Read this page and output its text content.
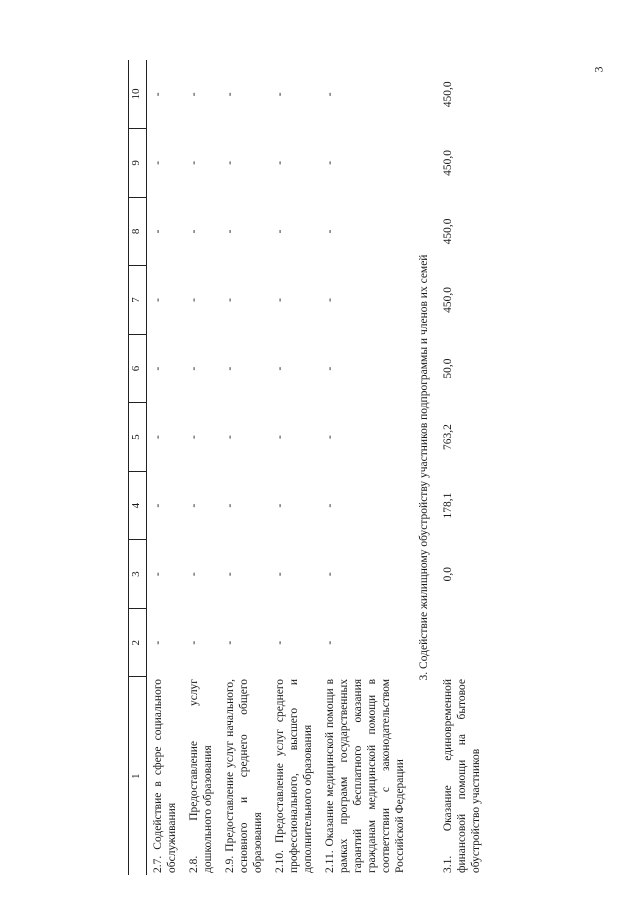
3
1	2	3	4	5	6	7	8	9	10
2.7. Содействие в сфере социального обслуживания	-	-	-	-	-	-	-	-	-
2.8. Предоставление услуг дошкольного образования	-	-	-	-	-	-	-	-	-
2.9. Предоставление услуг начального, основного и среднего общего образования	-	-	-	-	-	-	-	-	-
2.10. Предоставление услуг среднего профессионального, высшего и дополнительного образования	-	-	-	-	-	-	-	-	-
2.11. Оказание медицинской помощи в рамках программ государственных гарантий бесплатного оказания гражданам медицинской помощи в соответствии с законодательством Российской Федерации	-	-	-	-	-	-	-	-	-
3. Содействие жилищному обустройству участников подпрограммы и членов их семей									
3.1. Оказание единовременной финансовой помощи на бытовое обустройство участников		0,0	178,1	763,2	50,0	450,0	450,0	450,0	450,0
